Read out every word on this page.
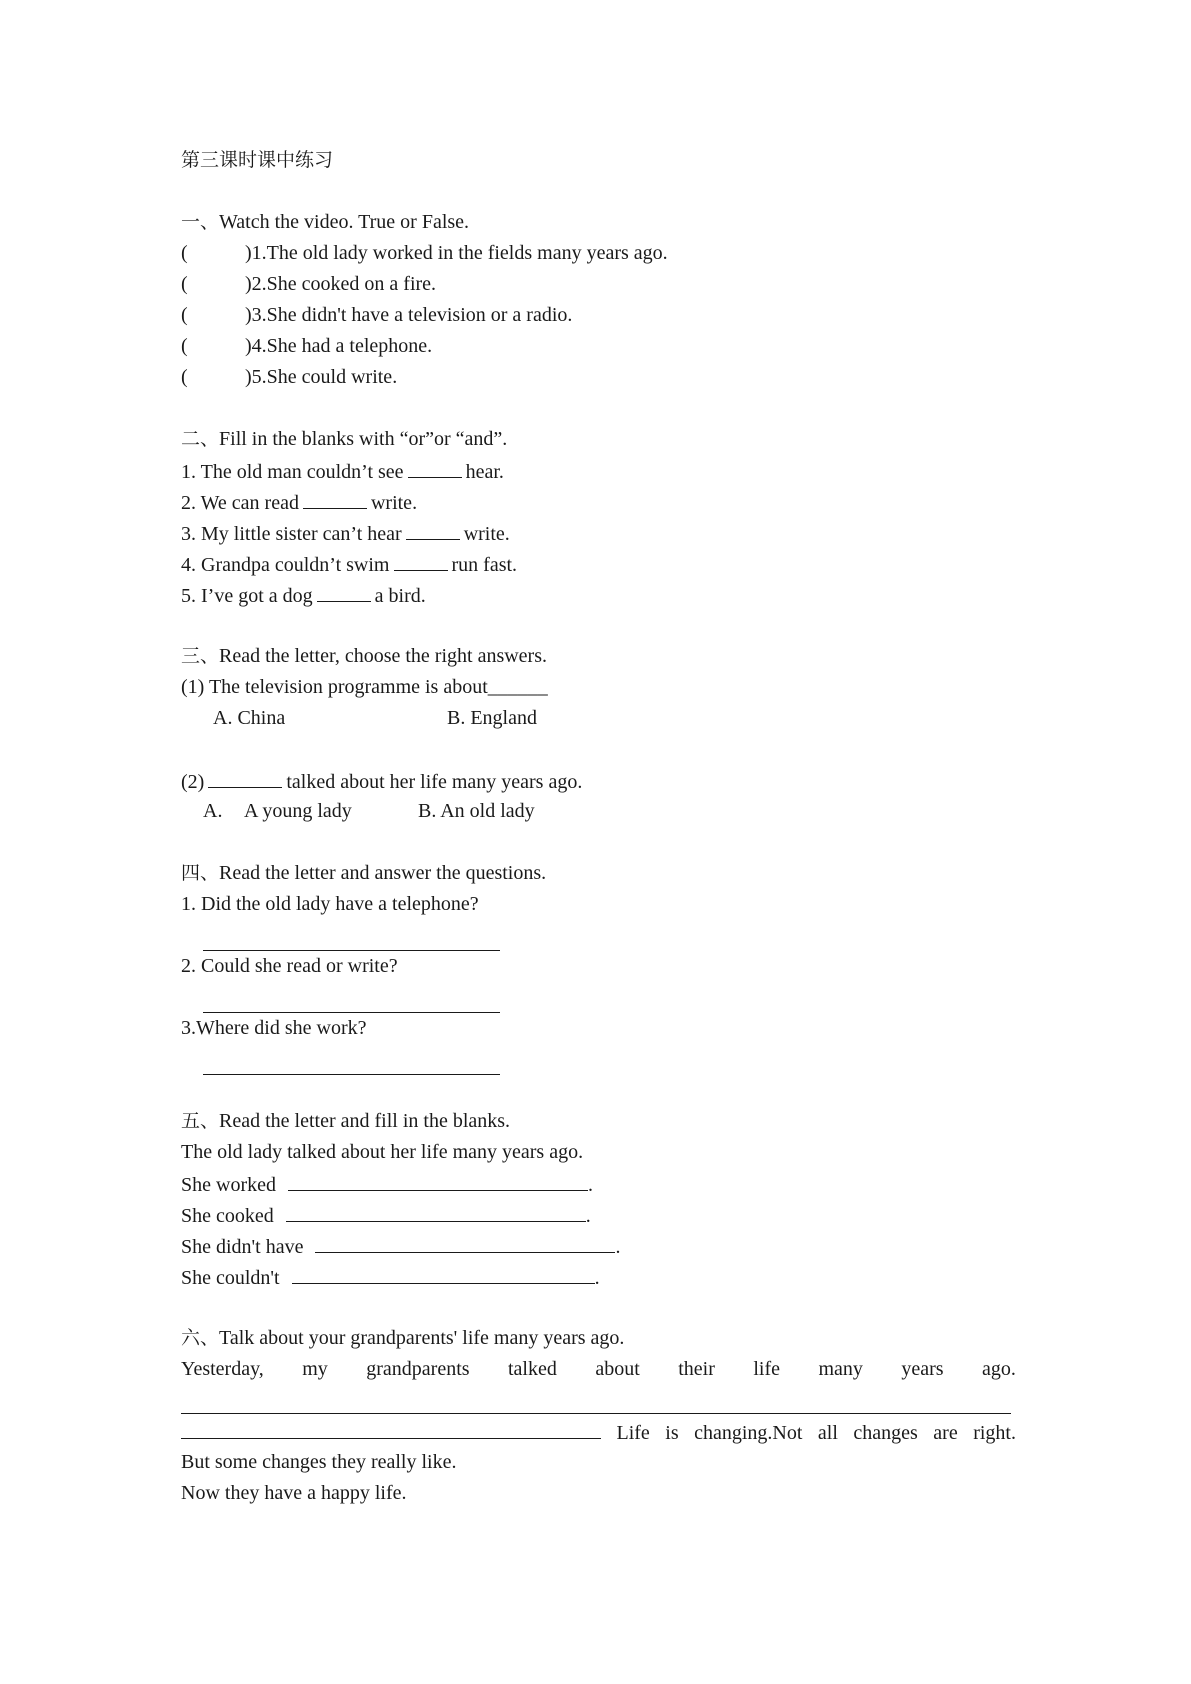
第三课时课中练习
一、Watch the video. True or False.
(	)1.The old lady worked in the fields many years ago.
(	)2.She cooked on a fire.
(	)3.She didn't have a television or a radio.
(	)4.She had a telephone.
(	)5.She could write.
二、Fill in the blanks with “or”or “and”.
1. The old man couldn’t see	hear.
2. We can read	write.
3. My little sister can’t hear	write.
4. Grandpa couldn’t swim	run fast.
5. I’ve got a dog	a bird.
三、Read the letter, choose the right answers.
(1) The television programme is about______
A. China	B. England
(2)	talked about her life many years ago.
A. A young lady	B. An old lady
四、Read the letter and answer the questions.
1. Did the old lady have a telephone?
2. Could she read or write?
3.Where did she work?
五、Read the letter and fill in the blanks.
The old lady talked about her life many years ago.
She worked	.
She cooked	.
She didn't have	.
She couldn't	.
六、Talk about your grandparents' life many years ago.
Yesterday, my grandparents talked about their life many years ago.
Life is changing.Not all changes are right.
But some changes they really like.
Now they have a happy life.
